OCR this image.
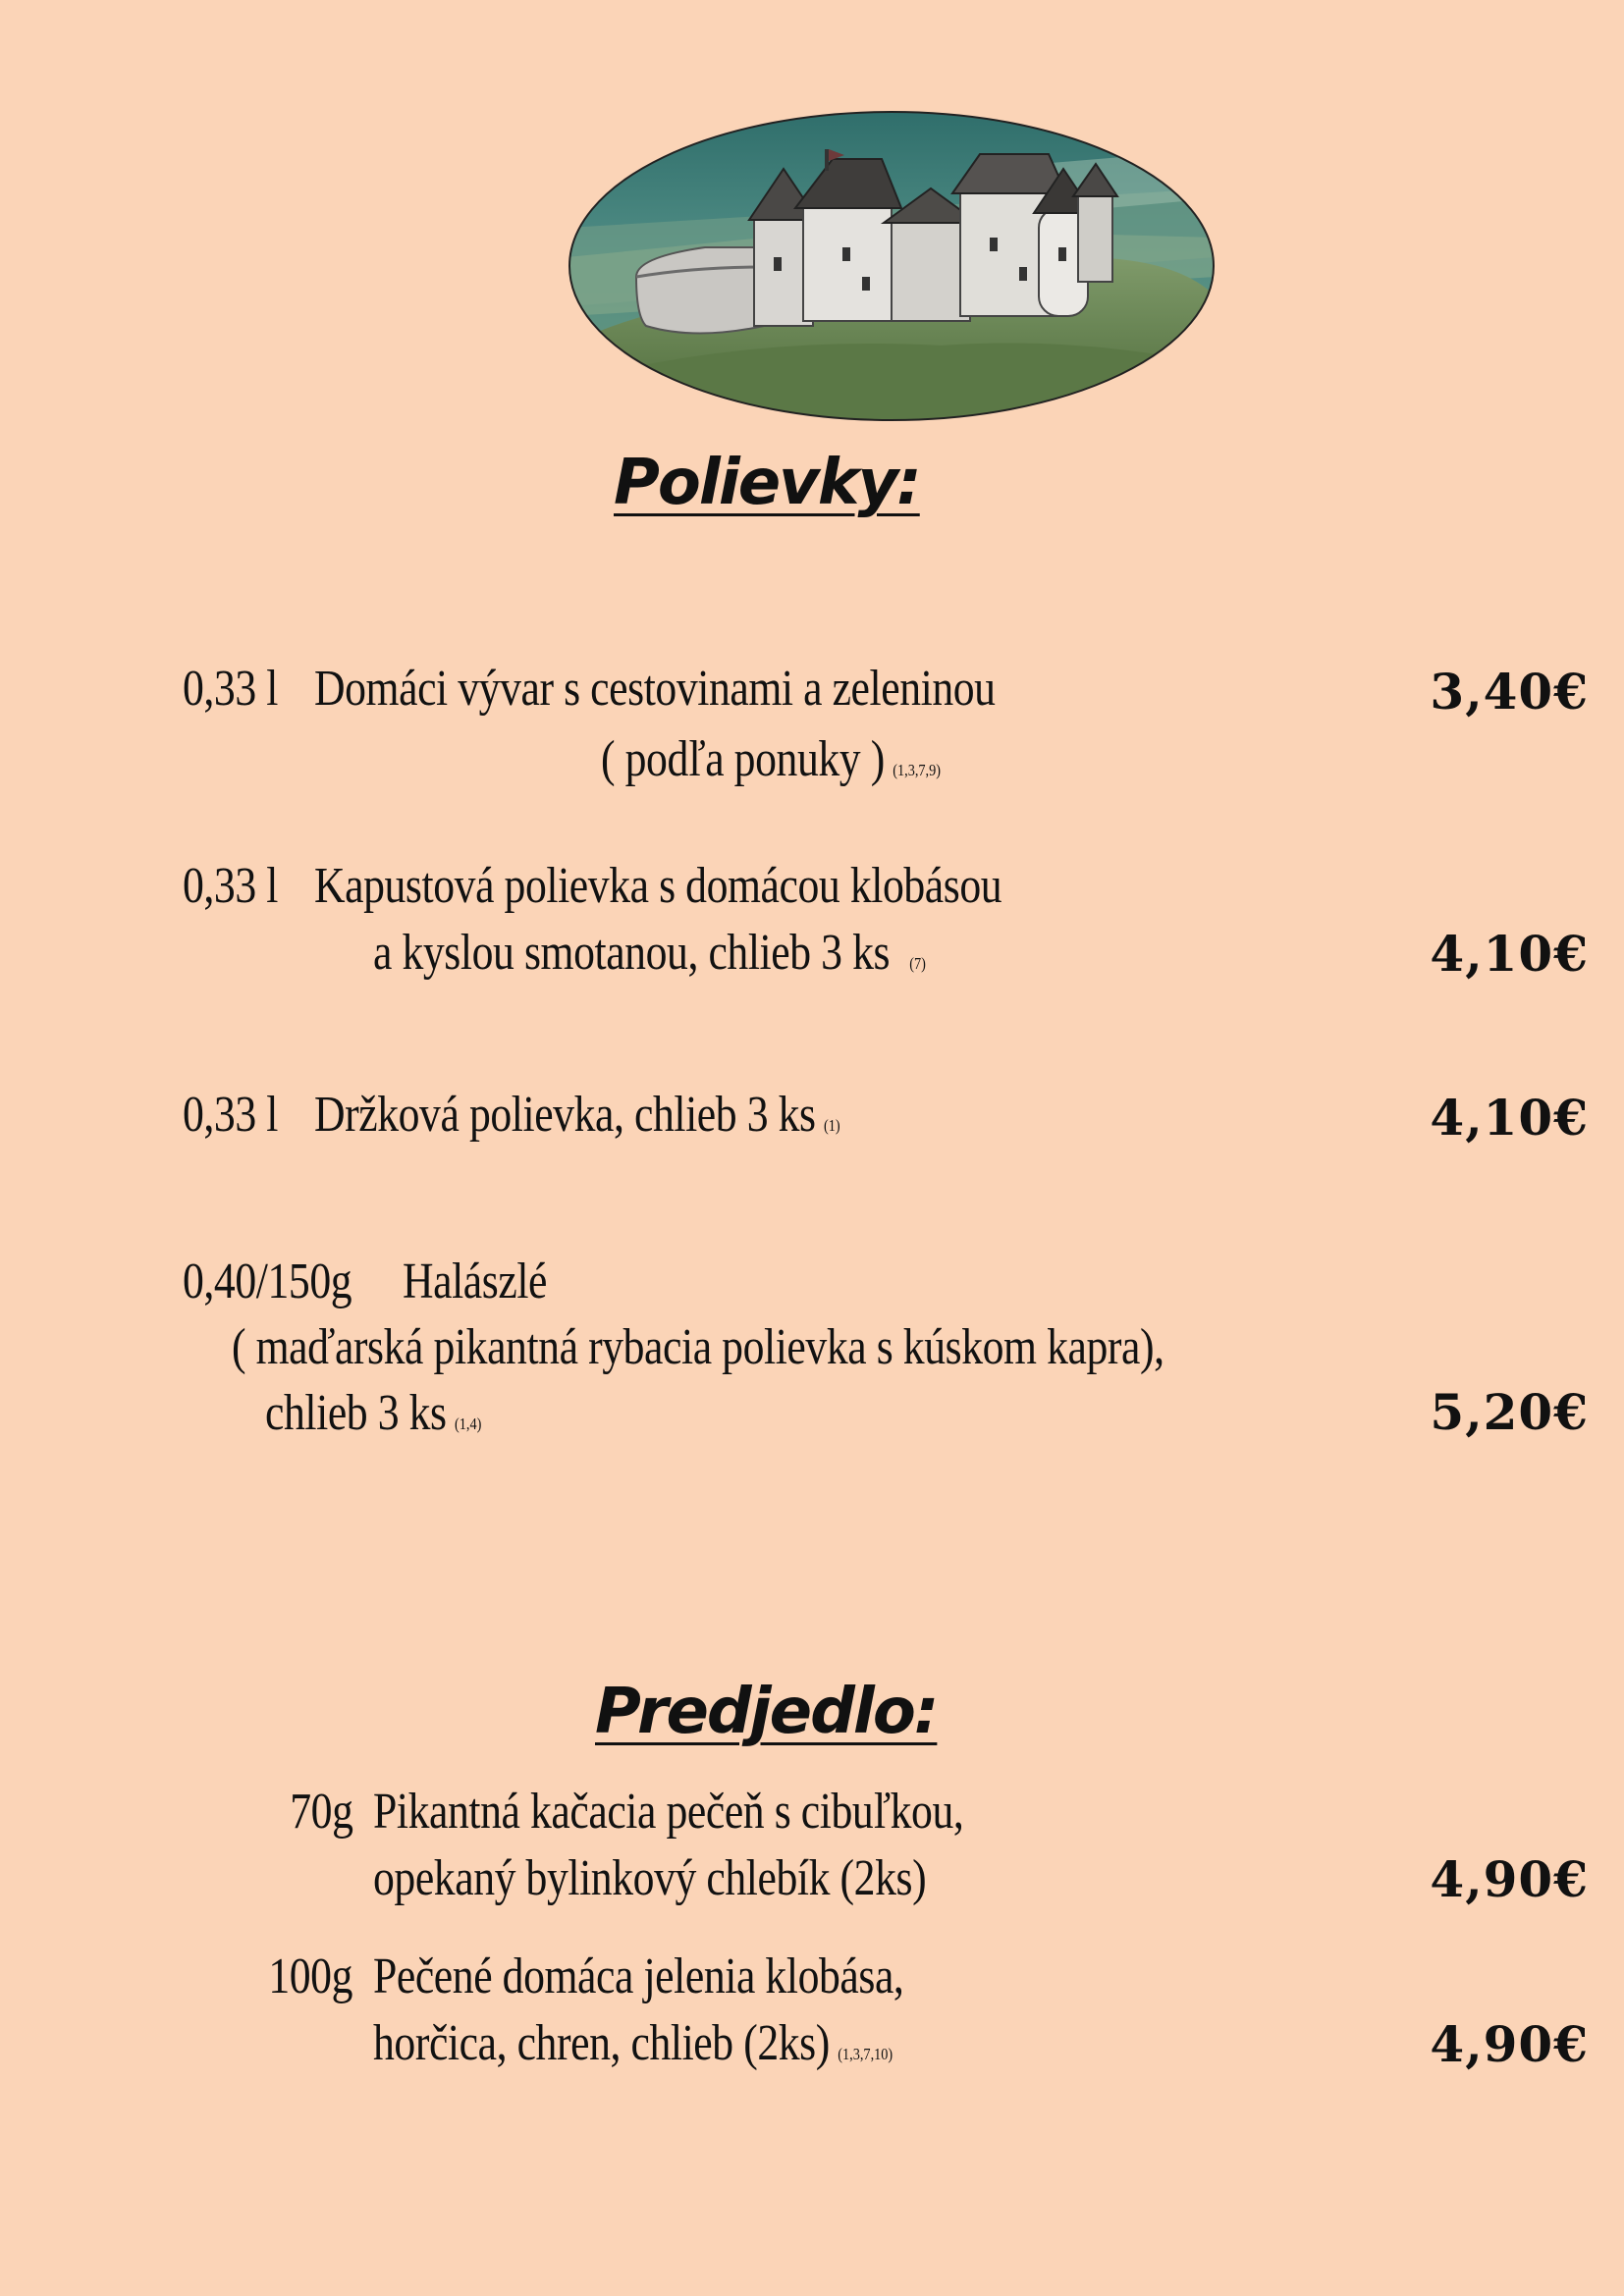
Polievky:
0,33 l Domáci vývar s cestovinami a zeleninou
( podľa ponuky ) (1,3,7,9)
3,40€
0,33 l Kapustová polievka s domácou klobásou
a kyslou smotanou, chlieb 3 ks (7)	4,10€
0,33 l Držková polievka, chlieb 3 ks (1)	4,10€
0,40/150g Halászlé
( maďarská pikantná rybacia polievka s kúskom kapra),
chlieb 3 ks (1,4)	5,20€
Predjedlo:
70g Pikantná kačacia pečeň s cibuľkou,
opekaný bylinkový chlebík (2ks)	4,90€
100g Pečené domáca jelenia klobása,
horčica, chren, chlieb (2ks) (1,3,7,10)	4,90€
